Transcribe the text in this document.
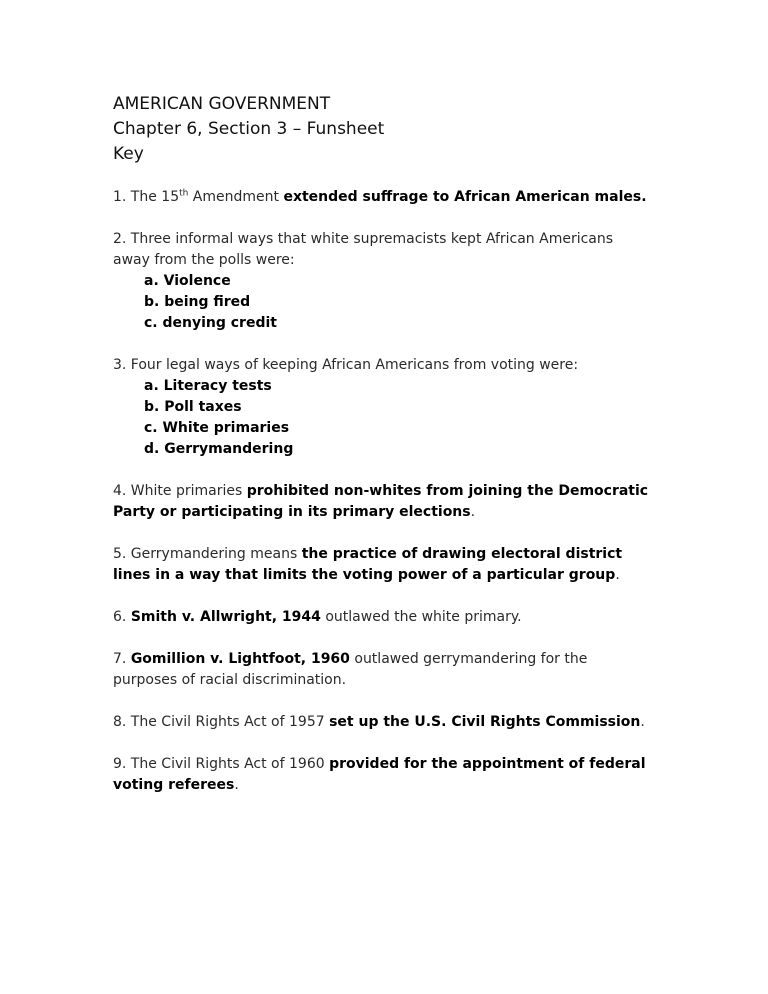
AMERICAN GOVERNMENT

Chapter 6, Section 3 – Funsheet

Key

1. The 15th Amendment extended suffrage to African American males.

2. Three informal ways that white supremacists kept African Americans away from the polls were:
a. Violence
b. being fired
c. denying credit
3. Four legal ways of keeping African Americans from voting were:
a. Literacy tests
b. Poll taxes
c. White primaries
d. Gerrymandering

4. White primaries prohibited non-whites from joining the Democratic Party or participating in its primary elections.

5. Gerrymandering means the practice of drawing electoral district lines in a way that limits the voting power of a particular group.

6. Smith v. Allwright, 1944 outlawed the white primary.

7. Gomillion v. Lightfoot, 1960 outlawed gerrymandering for the purposes of racial discrimination.

8. The Civil Rights Act of 1957 set up the U.S. Civil Rights Commission.

9. The Civil Rights Act of 1960 provided for the appointment of federal voting referees.
